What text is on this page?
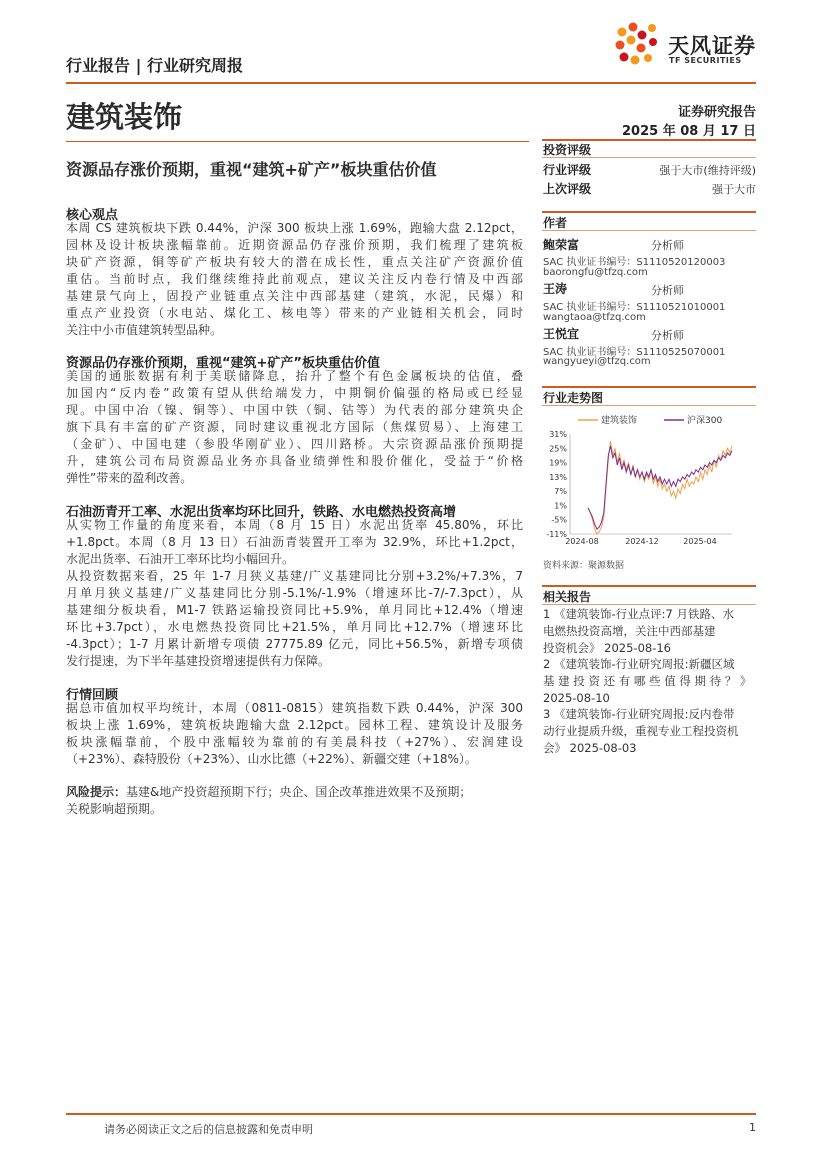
行业报告 | 行业研究周报
天风证券
TF SECURITIES
建筑装饰	证券研究报告
2025 年 08 月 17 日
资源品存涨价预期，重视“建筑+矿产”板块重估价值
核心观点
本周 CS 建筑板块下跌 0.44%，沪深 300 板块上涨 1.69%，跑输大盘 2.12pct，
园林及设计板块涨幅靠前。近期资源品仍存涨价预期，我们梳理了建筑板
块矿产资源，铜等矿产板块有较大的潜在成长性，重点关注矿产资源价值
重估。当前时点，我们继续维持此前观点，建议关注反内卷行情及中西部
基建景气向上，固投产业链重点关注中西部基建（建筑，水泥，民爆）和
重点产业投资（水电站、煤化工、核电等）带来的产业链相关机会，同时
关注中小市值建筑转型品种。
资源品仍存涨价预期，重视“建筑+矿产”板块重估价值
美国的通胀数据有利于美联储降息，抬升了整个有色金属板块的估值，叠
加国内“反内卷”政策有望从供给端发力，中期铜价偏强的格局或已经显
现。中国中冶（镍、铜等）、中国中铁（铜、钴等）为代表的部分建筑央企
旗下具有丰富的矿产资源，同时建议重视北方国际（焦煤贸易）、上海建工
（金矿）、中国电建（参股华刚矿业）、四川路桥。大宗资源品涨价预期提
升，建筑公司布局资源品业务亦具备业绩弹性和股价催化，受益于“价格
弹性”带来的盈利改善。
石油沥青开工率、水泥出货率均环比回升，铁路、水电燃热投资高增
从实物工作量的角度来看，本周（8 月 15 日）水泥出货率 45.80%，环比
+1.8pct。本周（8 月 13 日）石油沥青装置开工率为 32.9%，环比+1.2pct，
水泥出货率、石油开工率环比均小幅回升。
从投资数据来看，25 年 1-7 月狭义基建/广义基建同比分别+3.2%/+7.3%，7
月单月狭义基建/广义基建同比分别-5.1%/-1.9%（增速环比-7/-7.3pct），从
基建细分板块看，M1-7 铁路运输投资同比+5.9%，单月同比+12.4%（增速
环比+3.7pct），水电燃热投资同比+21.5%，单月同比+12.7%（增速环比
-4.3pct）；1-7 月累计新增专项债 27775.89 亿元，同比+56.5%，新增专项债
发行提速，为下半年基建投资增速提供有力保障。
行情回顾
据总市值加权平均统计，本周（0811-0815）建筑指数下跌 0.44%，沪深 300
板块上涨 1.69%，建筑板块跑输大盘 2.12pct。园林工程、建筑设计及服务
板块涨幅靠前，个股中涨幅较为靠前的有美晨科技（+27%）、宏润建设
（+23%）、森特股份（+23%）、山水比德（+22%）、新疆交建（+18%）。
风险提示：基建&地产投资超预期下行；央企、国企改革推进效果不及预期；
关税影响超预期。
投资评级
行业评级	强于大市(维持评级)
上次评级	强于大市
作者
鲍荣富	分析师
SAC 执业证书编号：S1110520120003
baorongfu@tfzq.com
王涛	分析师
SAC 执业证书编号：S1110521010001
wangtaoa@tfzq.com
王悦宜	分析师
SAC 执业证书编号：S1110525070001
wangyueyi@tfzq.com
行业走势图
建筑装饰	沪深300
31%
25%
19%
13%
7%
1%
-5%
-11%
2024-08	2024-12	2025-04
资料来源：聚源数据
相关报告
1 《建筑装饰-行业点评:7 月铁路、水
电燃热投资高增，关注中西部基建
投资机会》 2025-08-16
2 《建筑装饰-行业研究周报:新疆区域
基 建 投 资 还 有 哪 些 值 得 期 待 ？ 》
2025-08-10
3 《建筑装饰-行业研究周报:反内卷带
动行业提质升级，重视专业工程投资机
会》 2025-08-03
请务必阅读正文之后的信息披露和免责申明	1
